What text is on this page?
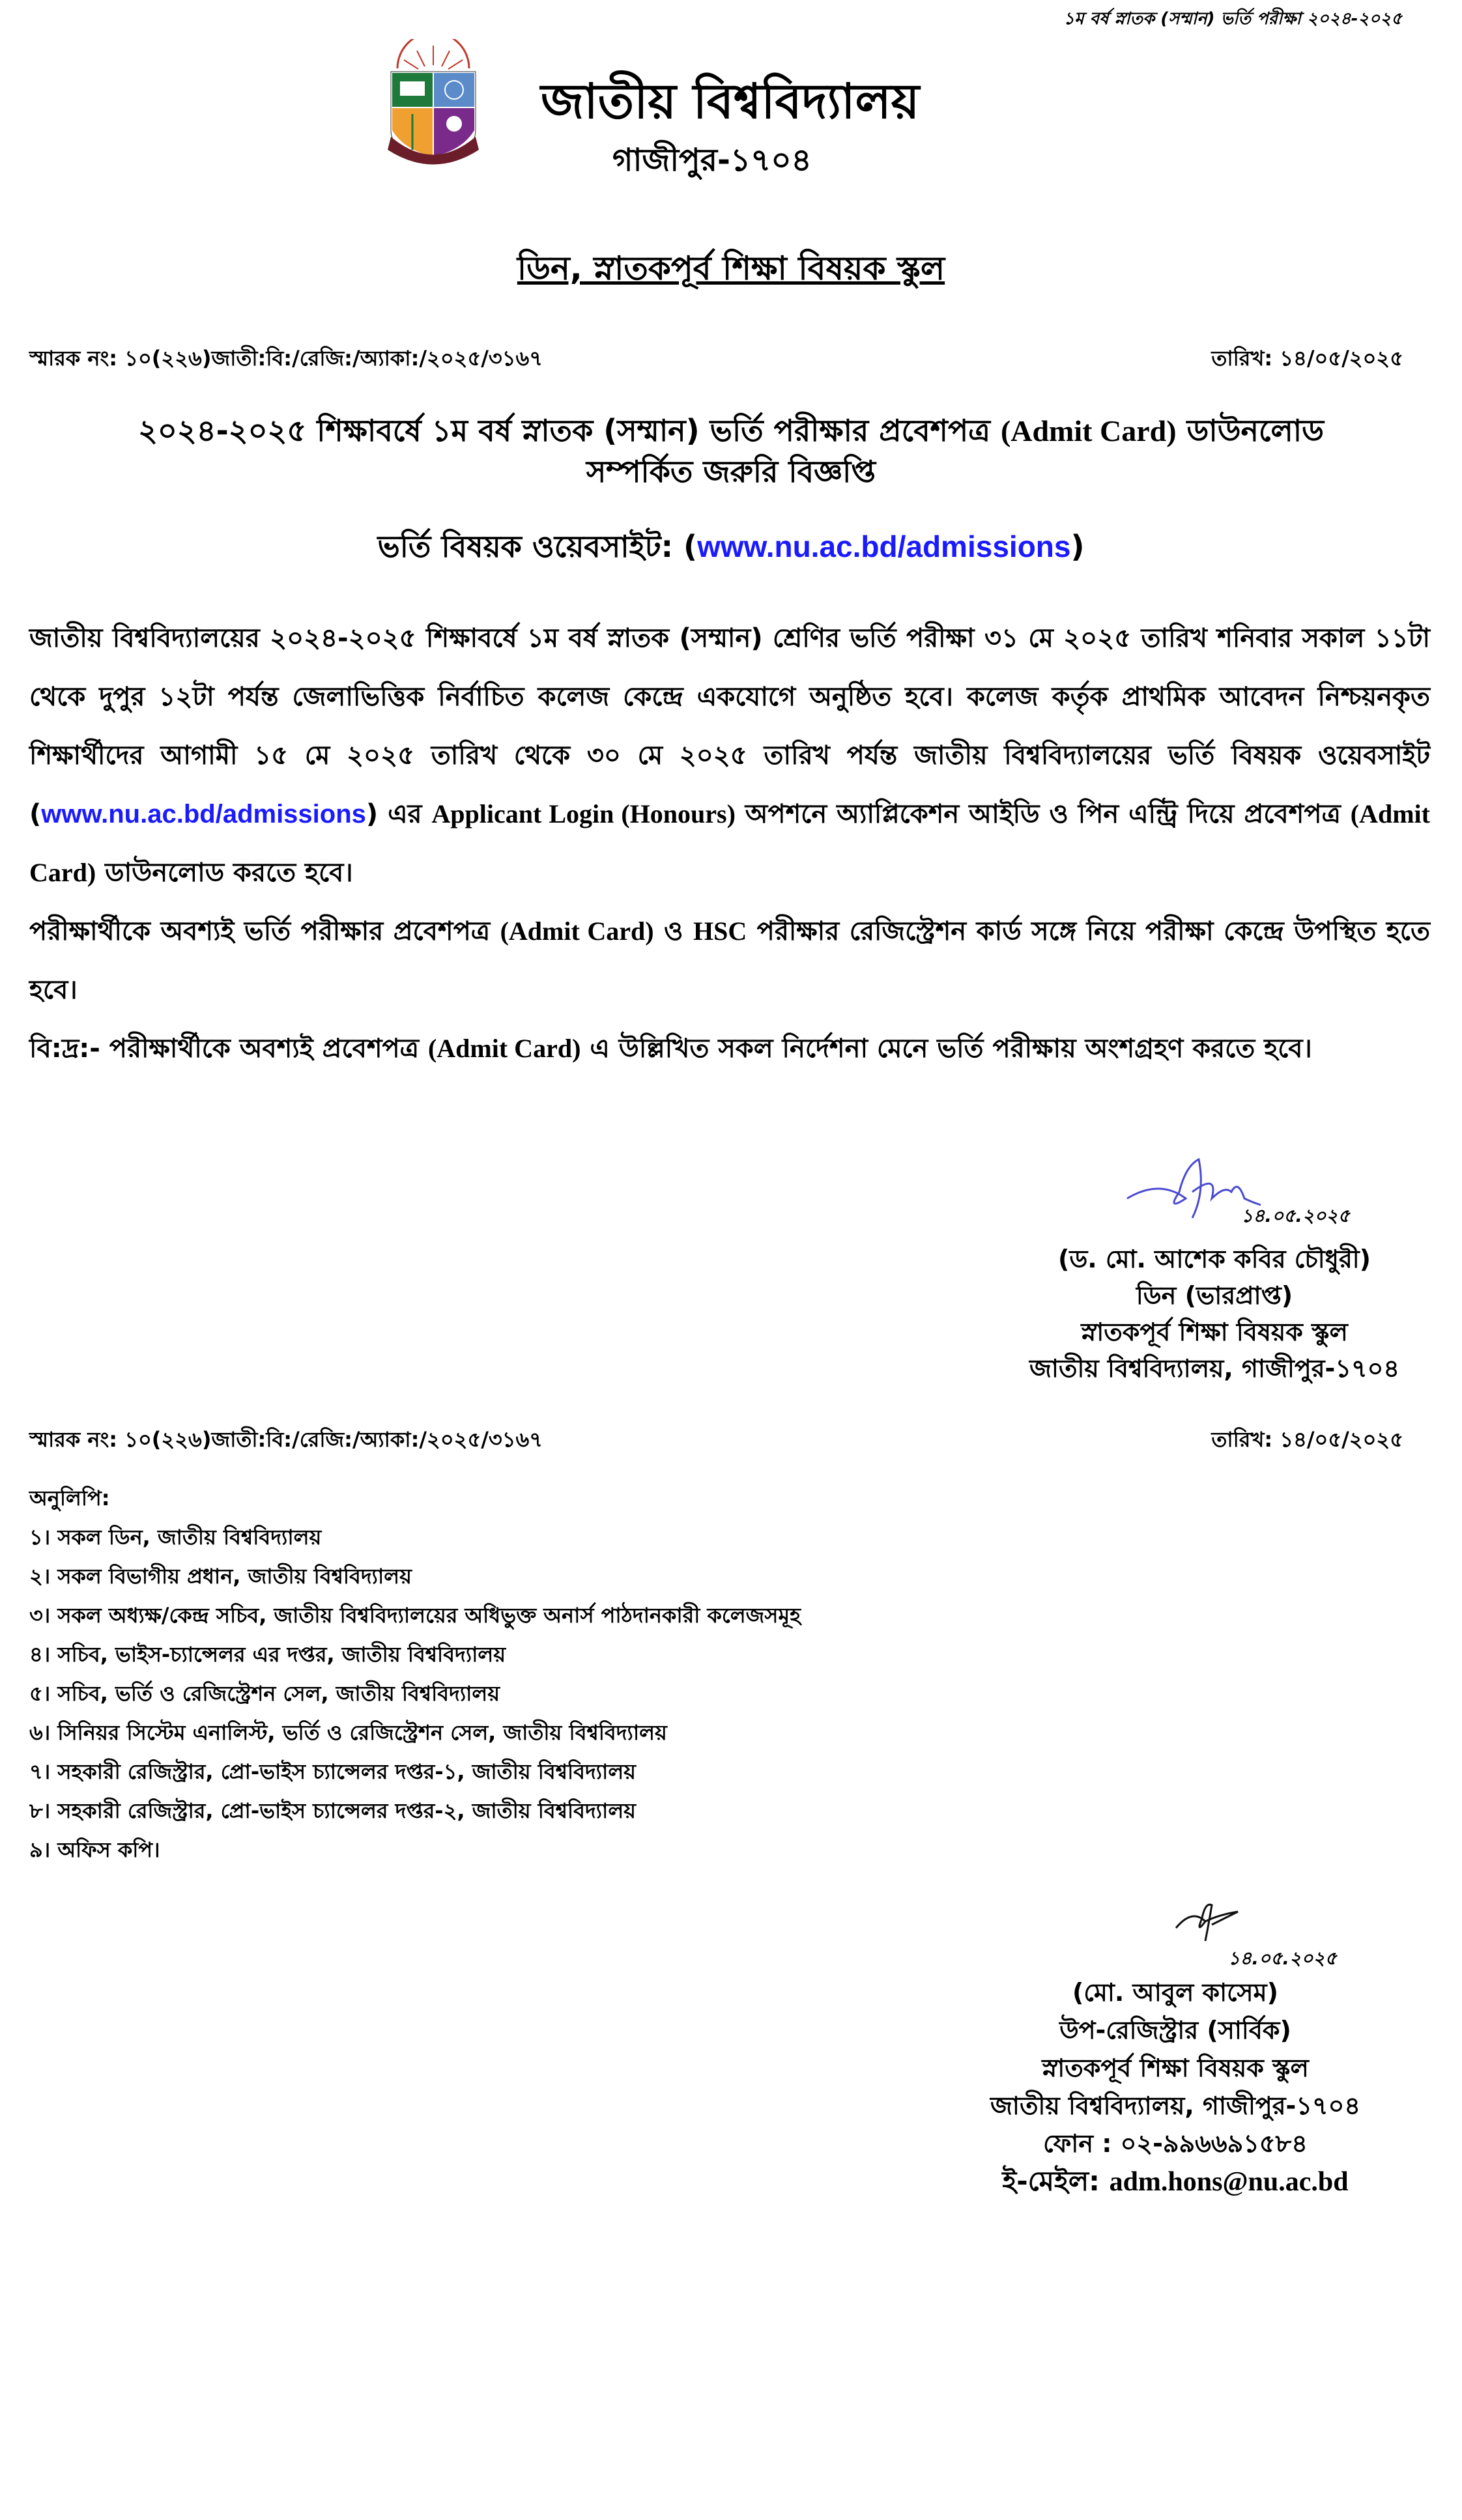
১ম বর্ষ স্নাতক (সম্মান) ভর্তি পরীক্ষা ২০২৪-২০২৫
জাতীয় বিশ্ববিদ্যালয়
গাজীপুর-১৭০৪
ডিন, স্নাতকপূর্ব শিক্ষা বিষয়ক স্কুল
স্মারক নং: ১০(২২৬)জাতী:বি:/রেজি:/অ্যাকা:/২০২৫/৩১৬৭	তারিখ: ১৪/০৫/২০২৫
২০২৪-২০২৫ শিক্ষাবর্ষে ১ম বর্ষ স্নাতক (সম্মান) ভর্তি পরীক্ষার প্রবেশপত্র (Admit Card) ডাউনলোড
সম্পর্কিত জরুরি বিজ্ঞপ্তি
ভর্তি বিষয়ক ওয়েবসাইট: (www.nu.ac.bd/admissions)

জাতীয় বিশ্ববিদ্যালয়ের ২০২৪-২০২৫ শিক্ষাবর্ষে ১ম বর্ষ স্নাতক (সম্মান) শ্রেণির ভর্তি পরীক্ষা ৩১ মে ২০২৫ তারিখ শনিবার সকাল ১১টা থেকে দুপুর ১২টা পর্যন্ত জেলাভিত্তিক নির্বাচিত কলেজ কেন্দ্রে একযোগে অনুষ্ঠিত হবে। কলেজ কর্তৃক প্রাথমিক আবেদন নিশ্চয়নকৃত শিক্ষার্থীদের আগামী ১৫ মে ২০২৫ তারিখ থেকে ৩০ মে ২০২৫ তারিখ পর্যন্ত জাতীয় বিশ্ববিদ্যালয়ের ভর্তি বিষয়ক ওয়েবসাইট (www.nu.ac.bd/admissions) এর Applicant Login (Honours) অপশনে অ্যাপ্লিকেশন আইডি ও পিন এন্ট্রি দিয়ে প্রবেশপত্র (Admit Card) ডাউনলোড করতে হবে।

পরীক্ষার্থীকে অবশ্যই ভর্তি পরীক্ষার প্রবেশপত্র (Admit Card) ও HSC পরীক্ষার রেজিস্ট্রেশন কার্ড সঙ্গে নিয়ে পরীক্ষা কেন্দ্রে উপস্থিত হতে হবে।

বি:দ্র:- পরীক্ষার্থীকে অবশ্যই প্রবেশপত্র (Admit Card) এ উল্লিখিত সকল নির্দেশনা মেনে ভর্তি পরীক্ষায় অংশগ্রহণ করতে হবে।

১৪.০৫.২০২৫
(ড. মো. আশেক কবির চৌধুরী)
ডিন (ভারপ্রাপ্ত)
স্নাতকপূর্ব শিক্ষা বিষয়ক স্কুল
জাতীয় বিশ্ববিদ্যালয়, গাজীপুর-১৭০৪
স্মারক নং: ১০(২২৬)জাতী:বি:/রেজি:/অ্যাকা:/২০২৫/৩১৬৭	তারিখ: ১৪/০৫/২০২৫
অনুলিপি:
১। সকল ডিন, জাতীয় বিশ্ববিদ্যালয়
২। সকল বিভাগীয় প্রধান, জাতীয় বিশ্ববিদ্যালয়
৩। সকল অধ্যক্ষ/কেন্দ্র সচিব, জাতীয় বিশ্ববিদ্যালয়ের অধিভুক্ত অনার্স পাঠদানকারী কলেজসমূহ
৪। সচিব, ভাইস-চ্যান্সেলর এর দপ্তর, জাতীয় বিশ্ববিদ্যালয়
৫। সচিব, ভর্তি ও রেজিস্ট্রেশন সেল, জাতীয় বিশ্ববিদ্যালয়
৬। সিনিয়র সিস্টেম এনালিস্ট, ভর্তি ও রেজিস্ট্রেশন সেল, জাতীয় বিশ্ববিদ্যালয়
৭। সহকারী রেজিস্ট্রার, প্রো-ভাইস চ্যান্সেলর দপ্তর-১, জাতীয় বিশ্ববিদ্যালয়
৮। সহকারী রেজিস্ট্রার, প্রো-ভাইস চ্যান্সেলর দপ্তর-২, জাতীয় বিশ্ববিদ্যালয়
৯। অফিস কপি।
১৪.০৫.২০২৫
(মো. আবুল কাসেম)
উপ-রেজিস্ট্রার (সার্বিক)
স্নাতকপূর্ব শিক্ষা বিষয়ক স্কুল
জাতীয় বিশ্ববিদ্যালয়, গাজীপুর-১৭০৪
ফোন : ০২-৯৯৬৬৯১৫৮৪
ই-মেইল: adm.hons@nu.ac.bd
